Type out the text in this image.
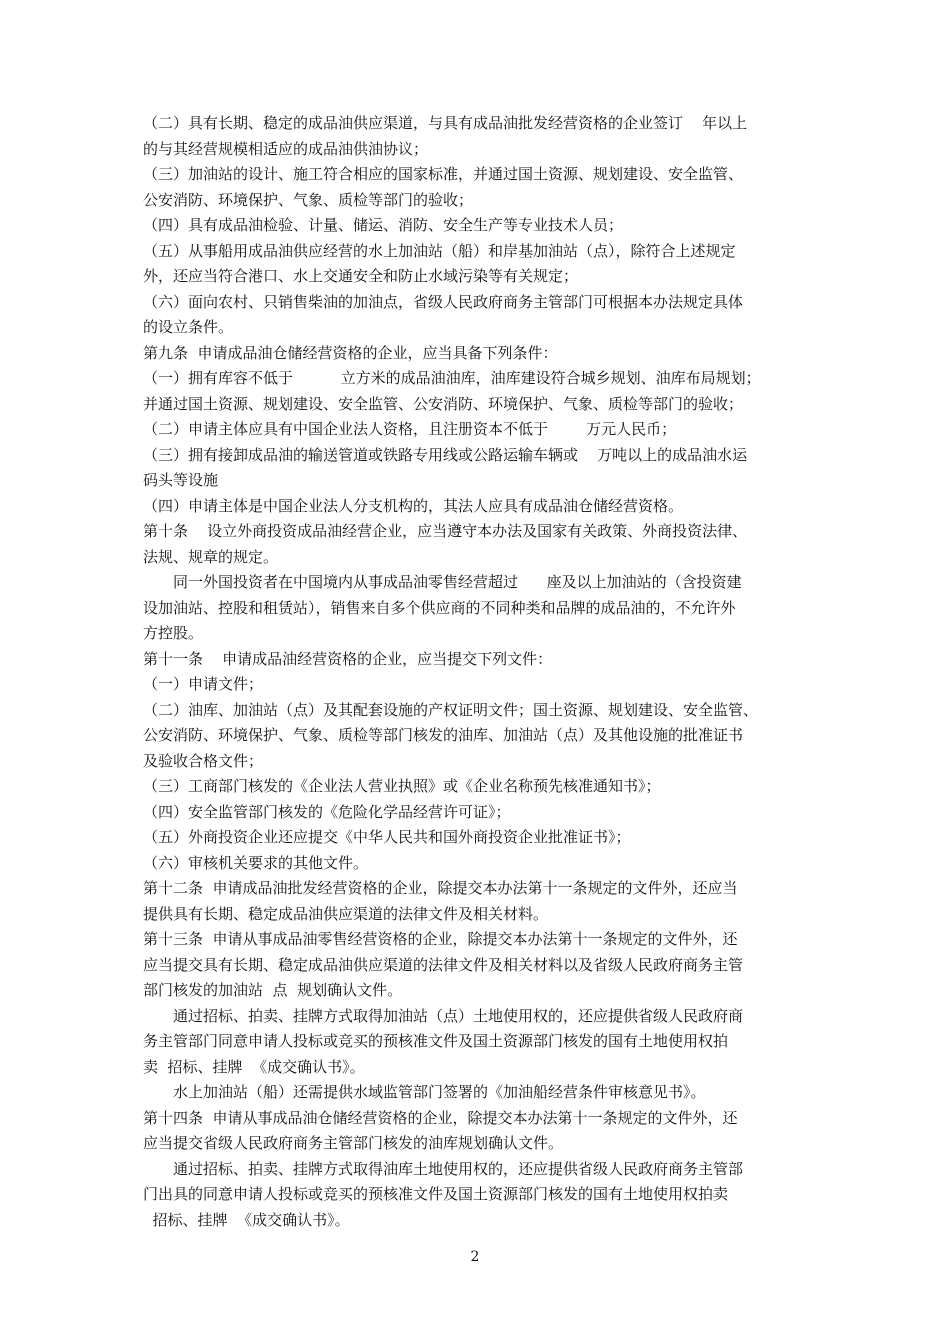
（二）具有长期、稳定的成品油供应渠道，与具有成品油批发经营资格的企业签订    年以上
的与其经营规模相适应的成品油供油协议；
（三）加油站的设计、施工符合相应的国家标准，并通过国土资源、规划建设、安全监管、
公安消防、环境保护、气象、质检等部门的验收；
（四）具有成品油检验、计量、储运、消防、安全生产等专业技术人员；
（五）从事船用成品油供应经营的水上加油站（船）和岸基加油站（点），除符合上述规定
外，还应当符合港口、水上交通安全和防止水域污染等有关规定；
（六）面向农村、只销售柴油的加油点，省级人民政府商务主管部门可根据本办法规定具体
的设立条件。
第九条  申请成品油仓储经营资格的企业，应当具备下列条件：
（一）拥有库容不低于          立方米的成品油油库，油库建设符合城乡规划、油库布局规划；
并通过国土资源、规划建设、安全监管、公安消防、环境保护、气象、质检等部门的验收；
（二）申请主体应具有中国企业法人资格，且注册资本不低于        万元人民币；
（三）拥有接卸成品油的输送管道或铁路专用线或公路运输车辆或    万吨以上的成品油水运
码头等设施
（四）申请主体是中国企业法人分支机构的，其法人应具有成品油仓储经营资格。
第十条    设立外商投资成品油经营企业，应当遵守本办法及国家有关政策、外商投资法律、
法规、规章的规定。
同一外国投资者在中国境内从事成品油零售经营超过      座及以上加油站的（含投资建
设加油站、控股和租赁站），销售来自多个供应商的不同种类和品牌的成品油的，不允许外
方控股。
第十一条    申请成品油经营资格的企业，应当提交下列文件：
（一）申请文件；
（二）油库、加油站（点）及其配套设施的产权证明文件；国土资源、规划建设、安全监管、
公安消防、环境保护、气象、质检等部门核发的油库、加油站（点）及其他设施的批准证书
及验收合格文件；
（三）工商部门核发的《企业法人营业执照》或《企业名称预先核准通知书》；
（四）安全监管部门核发的《危险化学品经营许可证》；
（五）外商投资企业还应提交《中华人民共和国外商投资企业批准证书》；
（六）审核机关要求的其他文件。
第十二条  申请成品油批发经营资格的企业，除提交本办法第十一条规定的文件外，还应当
提供具有长期、稳定成品油供应渠道的法律文件及相关材料。
第十三条  申请从事成品油零售经营资格的企业，除提交本办法第十一条规定的文件外，还
应当提交具有长期、稳定成品油供应渠道的法律文件及相关材料以及省级人民政府商务主管
部门核发的加油站  点  规划确认文件。
通过招标、拍卖、挂牌方式取得加油站（点）土地使用权的，还应提供省级人民政府商
务主管部门同意申请人投标或竞买的预核准文件及国土资源部门核发的国有土地使用权拍
卖  招标、挂牌  《成交确认书》。
水上加油站（船）还需提供水域监管部门签署的《加油船经营条件审核意见书》。
第十四条  申请从事成品油仓储经营资格的企业，除提交本办法第十一条规定的文件外，还
应当提交省级人民政府商务主管部门核发的油库规划确认文件。
通过招标、拍卖、挂牌方式取得油库土地使用权的，还应提供省级人民政府商务主管部
门出具的同意申请人投标或竞买的预核准文件及国土资源部门核发的国有土地使用权拍卖
招标、挂牌  《成交确认书》。
2
